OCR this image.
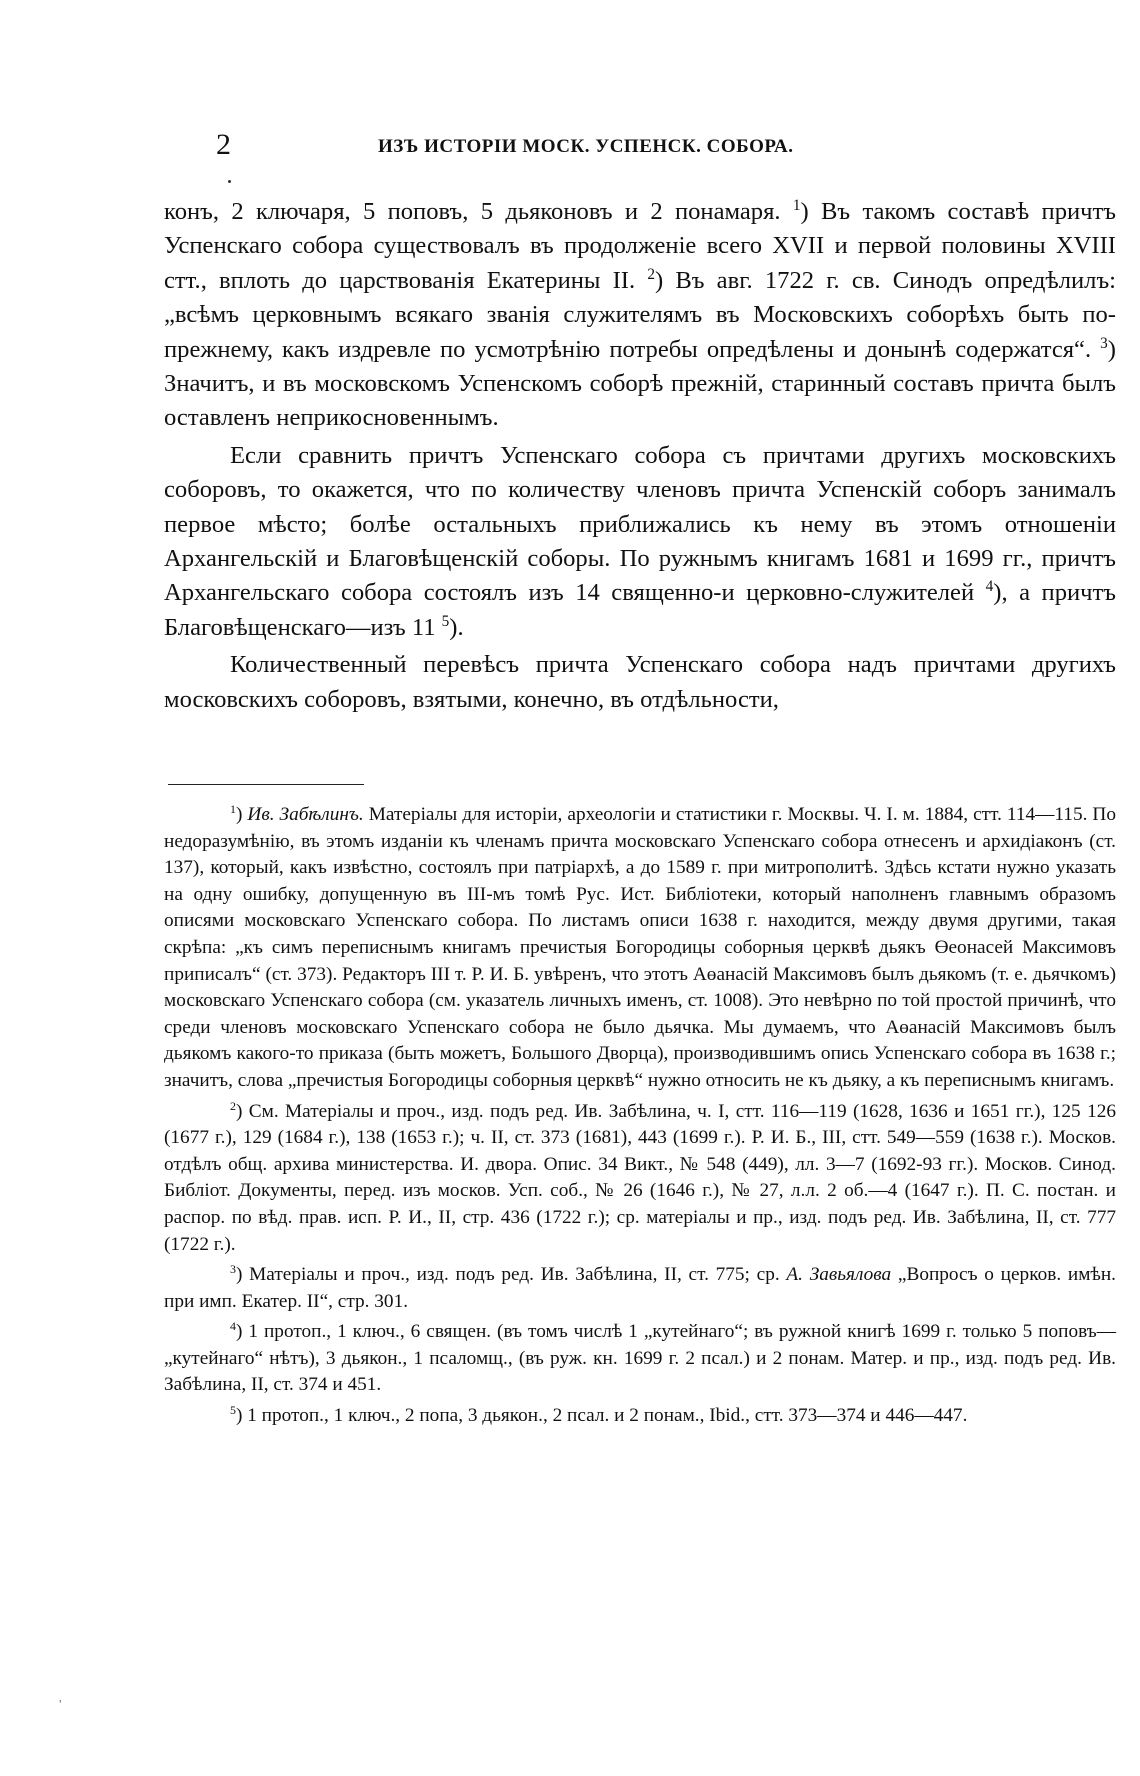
2	ИЗЪ ИСТОРІИ МОСК. УСПЕНСК. СОБОРА.

конъ, 2 ключаря, 5 поповъ, 5 дьяконовъ и 2 понамаря. $^1$) Въ такомъ составѣ причтъ Успенскаго собора существовалъ въ продолженіе всего XVII и первой половины XVIII стт., вплоть до царствованія Екатерины II. $^2$) Въ авг. 1722 г. св. Синодъ опредѣлилъ: „всѣмъ церковнымъ всякаго званія служителямъ въ Московскихъ соборѣхъ быть по-прежнему, какъ издревле по усмотрѣнію потребы опредѣлены и донынѣ содержатся“. $^3$) Значитъ, и въ московскомъ Успенскомъ соборѣ прежній, старинный составъ причта былъ оставленъ неприкосновеннымъ.

Если сравнить причтъ Успенскаго собора съ причтами другихъ московскихъ соборовъ, то окажется, что по количеству членовъ причта Успенскій соборъ занималъ первое мѣсто; болѣе остальныхъ приближались къ нему въ этомъ отношеніи Архангельскій и Благовѣщенскій соборы. По ружнымъ книгамъ 1681 и 1699 гг., причтъ Архангельскаго собора состоялъ изъ 14 священно-и церковно-служителей $^4$), а причтъ Благовѣщенскаго—изъ 11 $^5$).

Количественный перевѣсъ причта Успенскаго собора надъ причтами другихъ московскихъ соборовъ, взятыми, конечно, въ отдѣльности,

$^1$) Ив. Забѣлинъ. Матеріалы для исторіи, археологіи и статистики г. Москвы. Ч. I. м. 1884, стт. 114—115. По недоразумѣнію, въ этомъ изданіи къ членамъ причта московскаго Успенскаго собора отнесенъ и архидіаконъ (ст. 137), который, какъ извѣстно, состоялъ при патріархѣ, а до 1589 г. при митрополитѣ. Здѣсь кстати нужно указать на одну ошибку, допущенную въ III-мъ томѣ Рус. Ист. Библіотеки, который наполненъ главнымъ образомъ описями московскаго Успенскаго собора. По листамъ описи 1638 г. находится, между двумя другими, такая скрѣпа: „къ симъ переписнымъ книгамъ пречистыя Богородицы соборныя церквѣ дьякъ Өеонасей Максимовъ приписалъ“ (ст. 373). Редакторъ III т. Р. И. Б. увѣренъ, что этотъ Аөанасій Максимовъ былъ дьякомъ (т. е. дьячкомъ) московскаго Успенскаго собора (см. указатель личныхъ именъ, ст. 1008). Это невѣрно по той простой причинѣ, что среди членовъ московскаго Успенскаго собора не было дьячка. Мы думаемъ, что Аөанасій Максимовъ былъ дьякомъ какого-то приказа (быть можетъ, Большого Дворца), производившимъ опись Успенскаго собора въ 1638 г.; значитъ, слова „пречистыя Богородицы соборныя церквѣ“ нужно относить не къ дьяку, а къ переписнымъ книгамъ.

$^2$) См. Матеріалы и проч., изд. подъ ред. Ив. Забѣлина, ч. I, стт. 116—119 (1628, 1636 и 1651 гг.), 125 126 (1677 г.), 129 (1684 г.), 138 (1653 г.); ч. II, ст. 373 (1681), 443 (1699 г.). Р. И. Б., III, стт. 549—559 (1638 г.). Москов. отдѣлъ общ. архива министерства. И. двора. Опис. 34 Викт., № 548 (449), лл. 3—7 (1692-93 гг.). Москов. Синод. Библіот. Документы, перед. изъ москов. Усп. соб., № 26 (1646 г.), № 27, л.л. 2 об.—4 (1647 г.). П. С. постан. и распор. по вѣд. прав. исп. Р. И., II, стр. 436 (1722 г.); ср. матеріалы и пр., изд. подъ ред. Ив. Забѣлина, II, ст. 777 (1722 г.).

$^3$) Матеріалы и проч., изд. подъ ред. Ив. Забѣлина, II, ст. 775; ср. А. Завьялова „Вопросъ о церков. имѣн. при имп. Екатер. II“, стр. 301.

$^4$) 1 протоп., 1 ключ., 6 священ. (въ томъ числѣ 1 „кутейнаго“; въ ружной книгѣ 1699 г. только 5 поповъ—„кутейнаго“ нѣтъ), 3 дьякон., 1 псаломщ., (въ руж. кн. 1699 г. 2 псал.) и 2 понам. Матер. и пр., изд. подъ ред. Ив. Забѣлина, II, ст. 374 и 451.

$^5$) 1 протоп., 1 ключ., 2 попа, 3 дьякон., 2 псал. и 2 понам., Ibid., стт. 373—374 и 446—447.

˒
